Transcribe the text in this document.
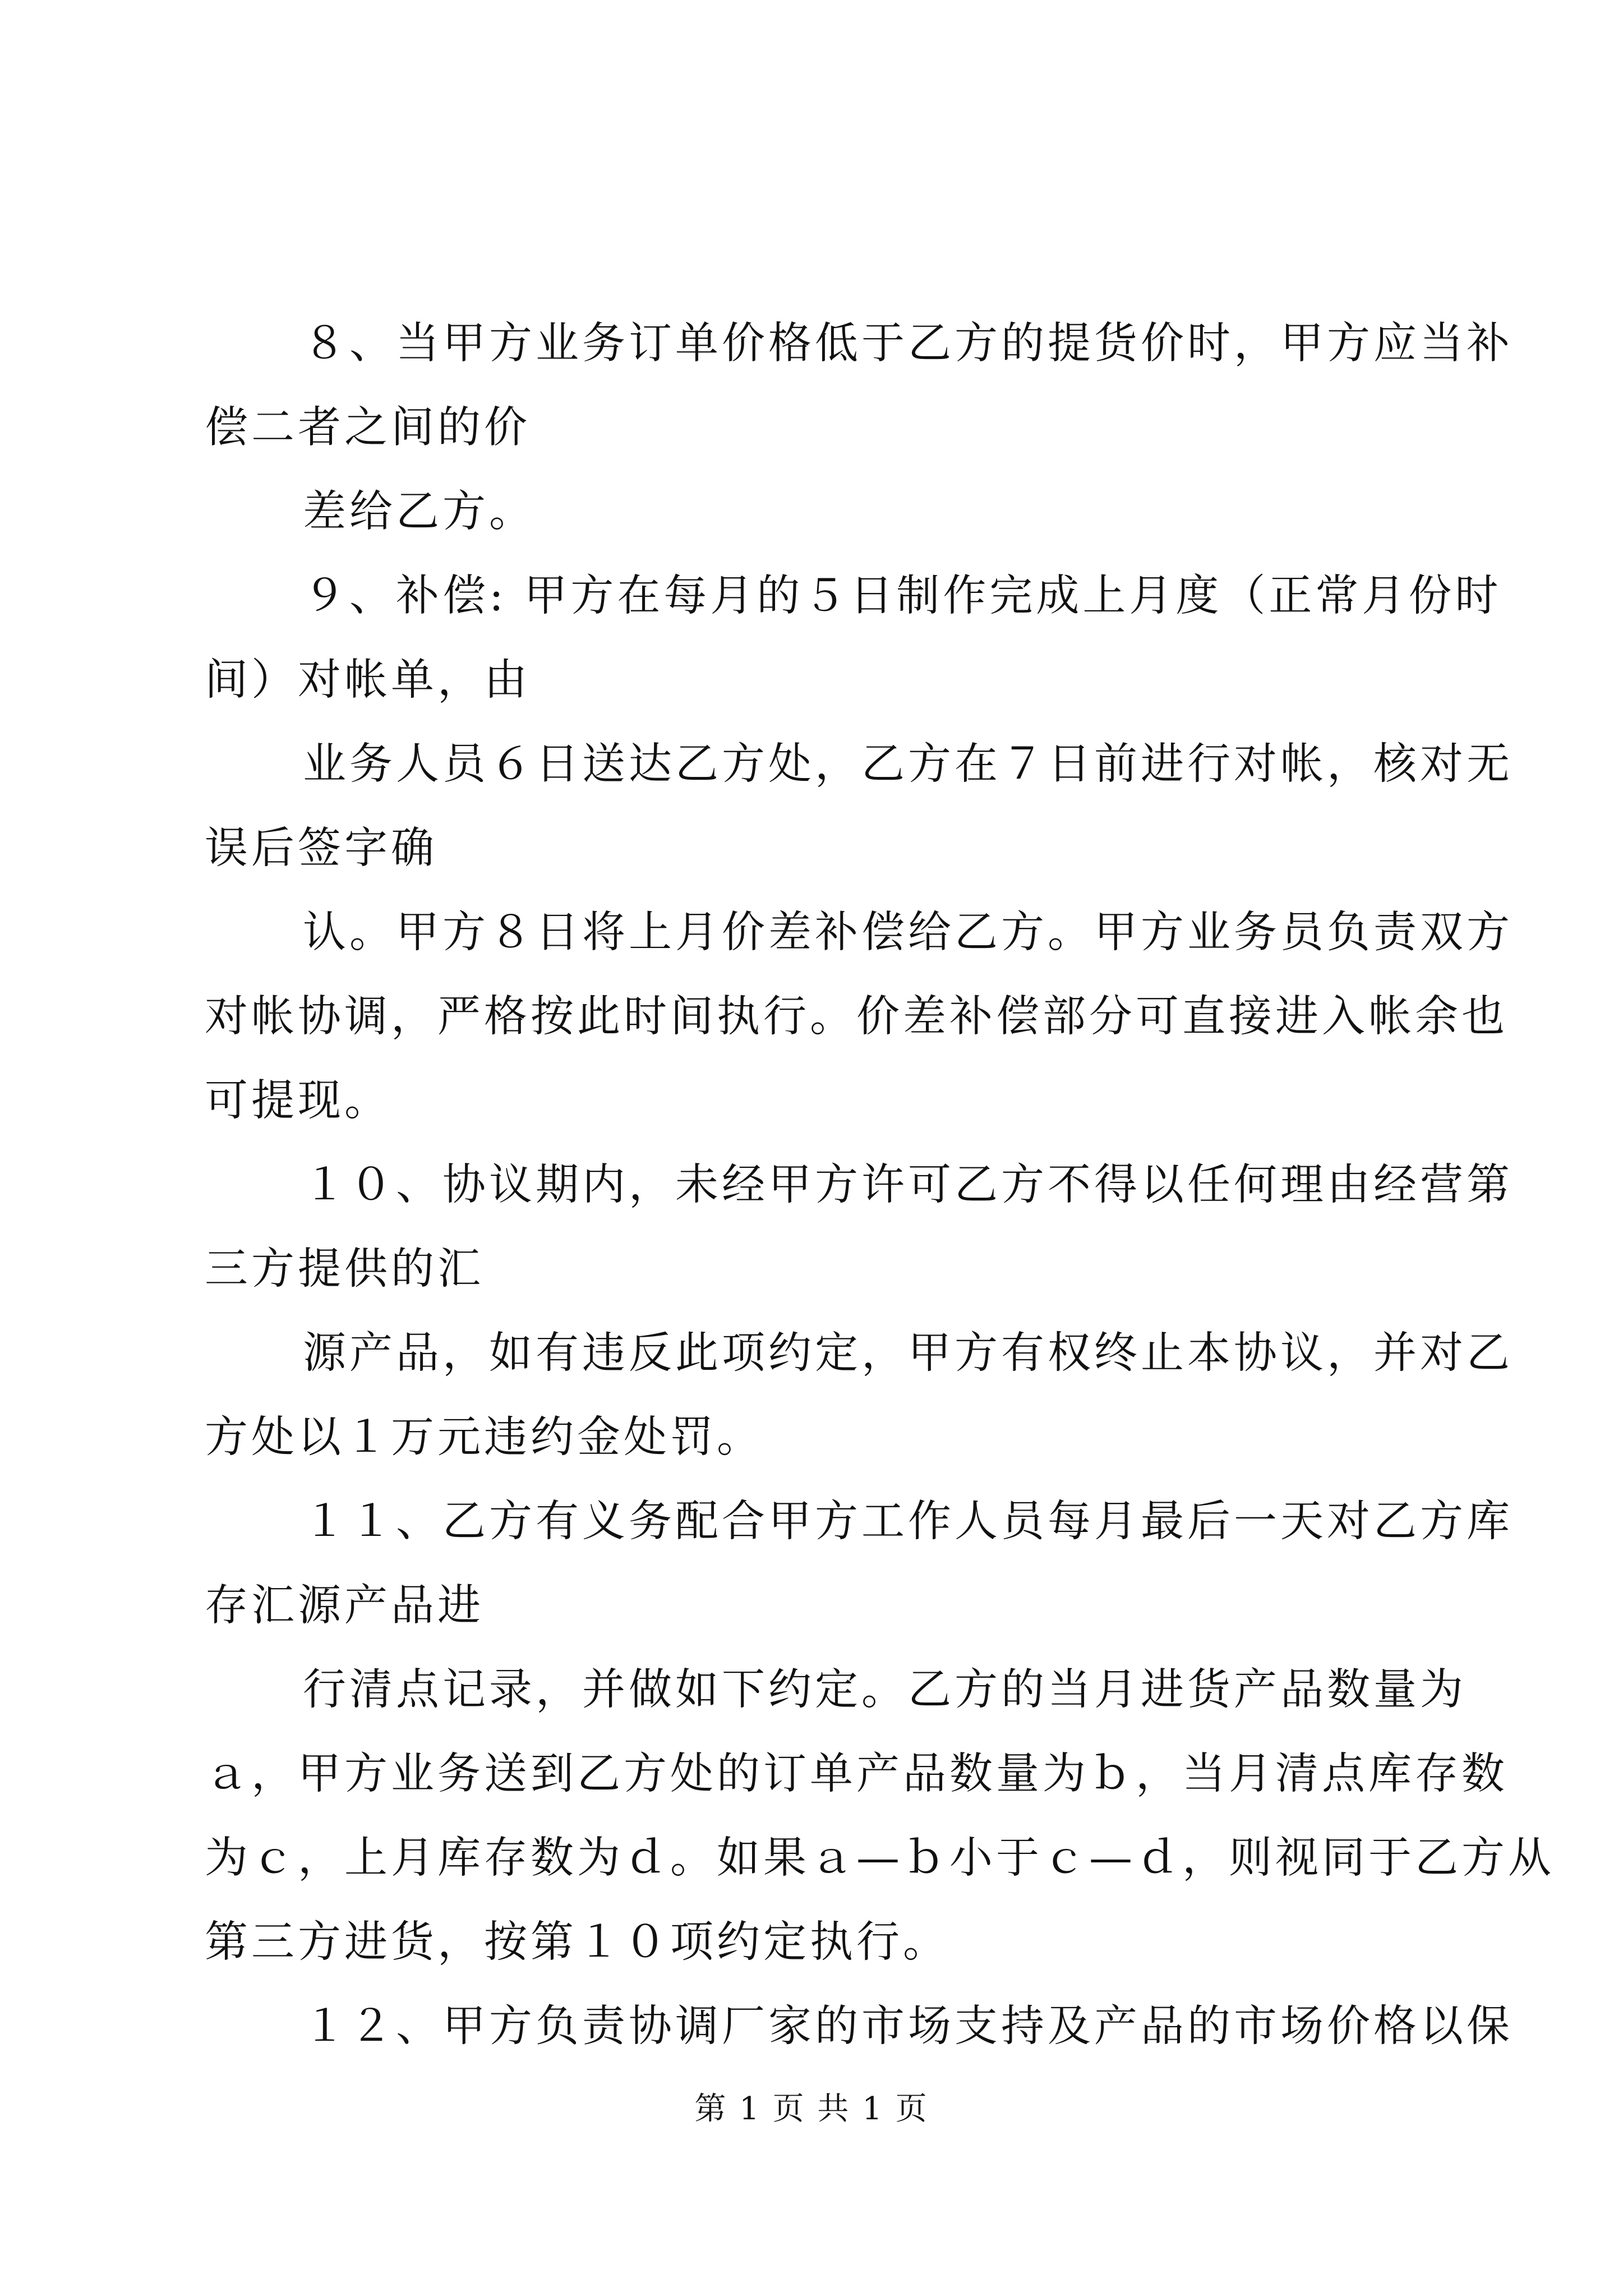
８、当甲方业务订单价格低于乙方的提货价时，甲方应当补
偿二者之间的价
差给乙方。
９、补偿: 甲方在每月的５日制作完成上月度（正常月份时
间）对帐单，由
业务人员６日送达乙方处，乙方在７日前进行对帐，核对无
误后签字确
认。甲方８日将上月价差补偿给乙方。甲方业务员负责双方
对帐协调，严格按此时间执行。价差补偿部分可直接进入帐余也
可提现。
１０、协议期内，未经甲方许可乙方不得以任何理由经营第
三方提供的汇
源产品，如有违反此项约定，甲方有权终止本协议，并对乙
方处以１万元违约金处罚。
１１、乙方有义务配合甲方工作人员每月最后一天对乙方库
存汇源产品进
行清点记录，并做如下约定。乙方的当月进货产品数量为
ａ，甲方业务送到乙方处的订单产品数量为ｂ，当月清点库存数
为ｃ，上月库存数为ｄ。如果ａ—ｂ小于ｃ—ｄ，则视同于乙方从
第三方进货，按第１０项约定执行。
１２、甲方负责协调厂家的市场支持及产品的市场价格以保
第 1 页 共 1 页
